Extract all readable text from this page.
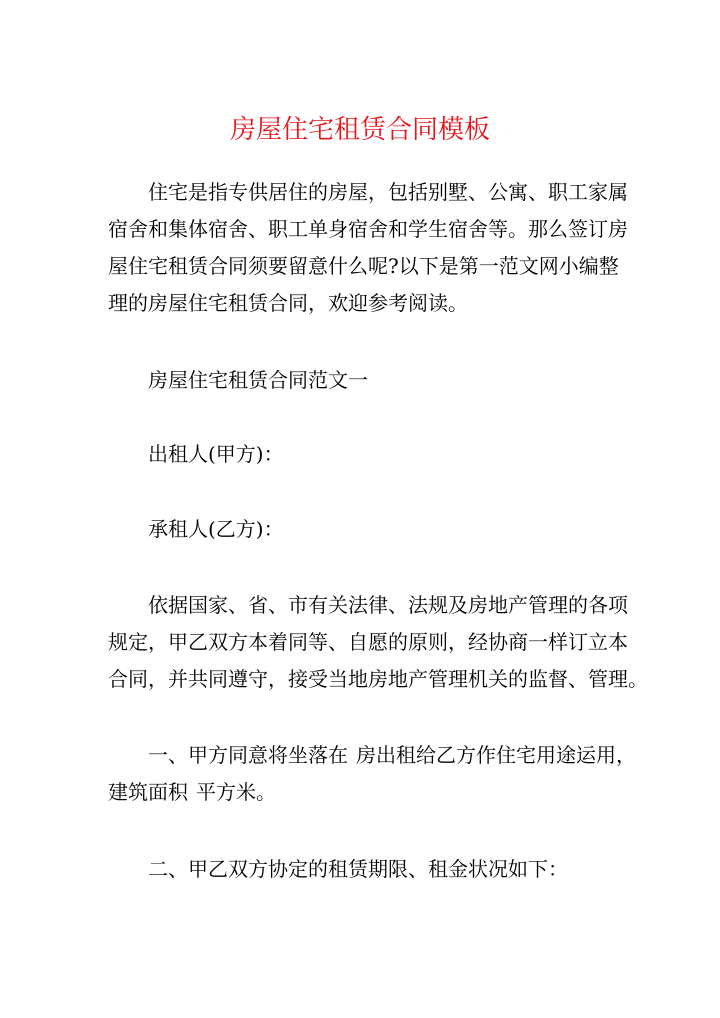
房屋住宅租赁合同模板

住宅是指专供居住的房屋，包括别墅、公寓、职工家属
宿舍和集体宿舍、职工单身宿舍和学生宿舍等。那么签订房
屋住宅租赁合同须要留意什么呢?以下是第一范文网小编整
理的房屋住宅租赁合同，欢迎参考阅读。

房屋住宅租赁合同范文一

出租人(甲方)：

承租人(乙方)：

依据国家、省、市有关法律、法规及房地产管理的各项
规定，甲乙双方本着同等、自愿的原则，经协商一样订立本
合同，并共同遵守，接受当地房地产管理机关的监督、管理。

一、甲方同意将坐落在 房出租给乙方作住宅用途运用，
建筑面积 平方米。

二、甲乙双方协定的租赁期限、租金状况如下：
